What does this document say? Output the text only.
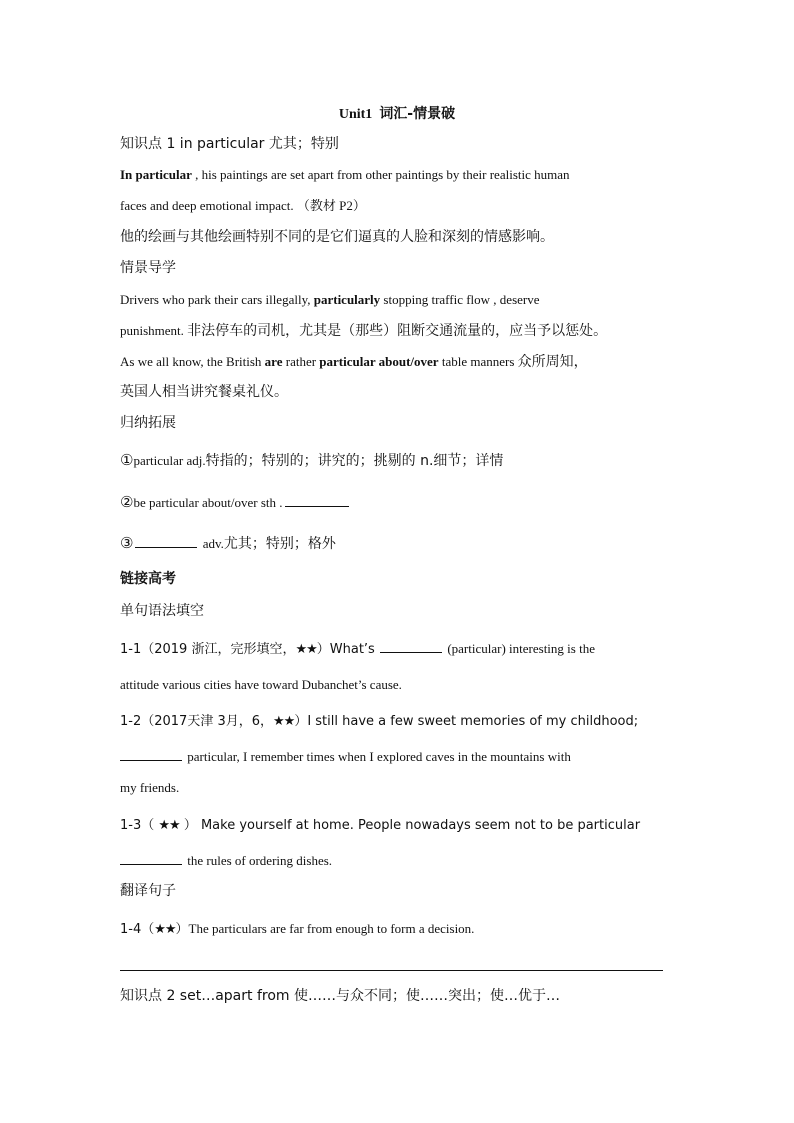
Unit1 词汇-情景破
知识点 1 in particular 尤其；特别
In particular , his paintings are set apart from other paintings by their realistic human
faces and deep emotional impact. （教材 P2）
他的绘画与其他绘画特别不同的是它们逼真的人脸和深刻的情感影响。
情景导学
Drivers who park their cars illegally, particularly stopping traffic flow , deserve
punishment. 非法停车的司机，尤其是（那些）阻断交通流量的，应当予以惩处。
As we all know, the British are rather particular about/over table manners 众所周知，
英国人相当讲究餐桌礼仪。
归纳拓展
①particular adj.特指的；特别的；讲究的；挑剔的 n.细节；详情
②be particular about/over sth .
③	adv.尤其；特别；格外
链接高考
单句语法填空
1-1（2019 浙江，完形填空，★★）What’s	(particular) interesting is the
attitude various cities have toward Dubanchet’s cause.
1-2（2017天津 3月，6，★★）I still have a few sweet memories of my childhood;
particular, I remember times when I explored caves in the mountains with
my friends.
1-3（ ★★ ） Make yourself at home. People nowadays seem not to be particular
the rules of ordering dishes.
翻译句子
1-4（★★）The particulars are far from enough to form a decision.
知识点 2 set…apart from 使……与众不同；使……突出；使…优于…
